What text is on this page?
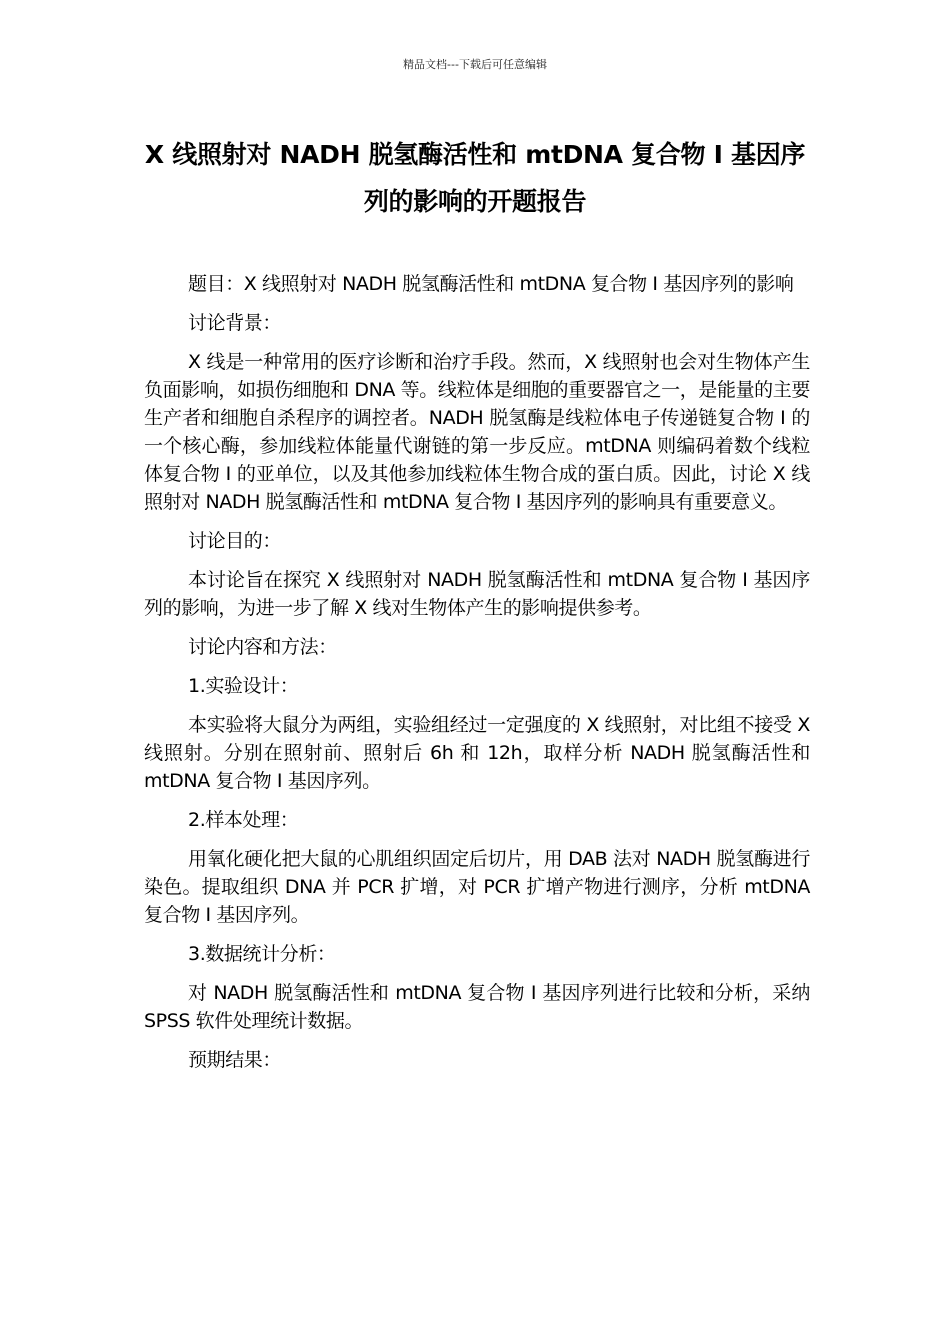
精品文档---下载后可任意编辑
X 线照射对 NADH 脱氢酶活性和 mtDNA 复合物 I 基因序列的影响的开题报告

题目：X 线照射对 NADH 脱氢酶活性和 mtDNA 复合物 I 基因序列的影响

讨论背景：

X 线是一种常用的医疗诊断和治疗手段。然而，X 线照射也会对生物体产生负面影响，如损伤细胞和 DNA 等。线粒体是细胞的重要器官之一，是能量的主要生产者和细胞自杀程序的调控者。NADH 脱氢酶是线粒体电子传递链复合物 I 的一个核心酶，参加线粒体能量代谢链的第一步反应。mtDNA 则编码着数个线粒体复合物 I 的亚单位，以及其他参加线粒体生物合成的蛋白质。因此，讨论 X 线照射对 NADH 脱氢酶活性和 mtDNA 复合物 I 基因序列的影响具有重要意义。

讨论目的：

本讨论旨在探究 X 线照射对 NADH 脱氢酶活性和 mtDNA 复合物 I 基因序列的影响，为进一步了解 X 线对生物体产生的影响提供参考。

讨论内容和方法：

1.实验设计：

本实验将大鼠分为两组，实验组经过一定强度的 X 线照射，对比组不接受 X 线照射。分别在照射前、照射后 6h 和 12h，取样分析 NADH 脱氢酶活性和 mtDNA 复合物 I 基因序列。

2.样本处理：

用氧化硬化把大鼠的心肌组织固定后切片，用 DAB 法对 NADH 脱氢酶进行染色。提取组织 DNA 并 PCR 扩增，对 PCR 扩增产物进行测序，分析 mtDNA 复合物 I 基因序列。

3.数据统计分析：

对 NADH 脱氢酶活性和 mtDNA 复合物 I 基因序列进行比较和分析，采纳 SPSS 软件处理统计数据。

预期结果：
